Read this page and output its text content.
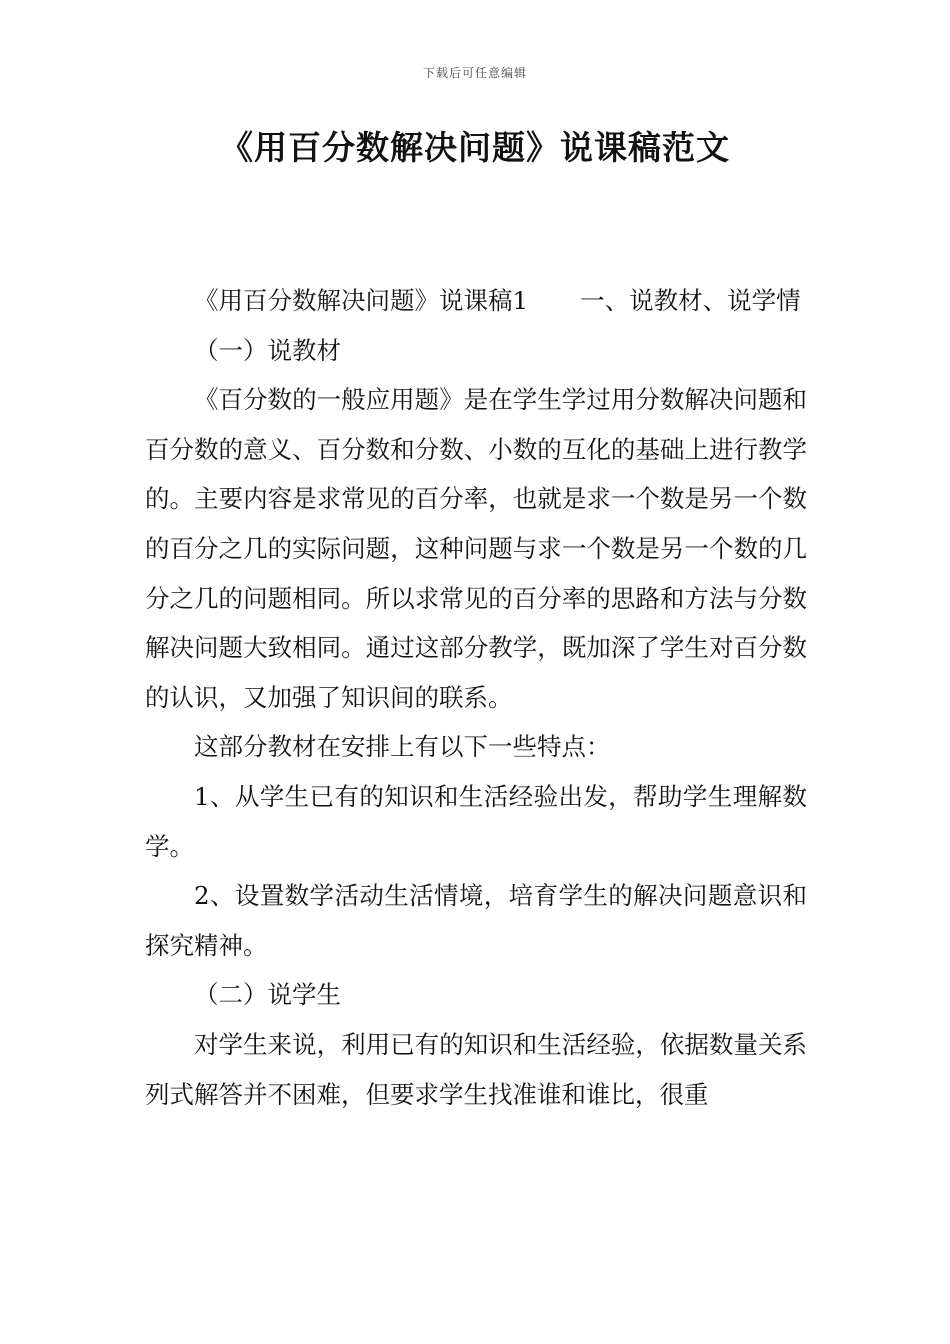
下载后可任意编辑
《用百分数解决问题》说课稿范文

《用百分数解决问题》说课稿1 一、说教材、说学情

（一）说教材

《百分数的一般应用题》是在学生学过用分数解决问题和百分数的意义、百分数和分数、小数的互化的基础上进行教学的。主要内容是求常见的百分率，也就是求一个数是另一个数的百分之几的实际问题，这种问题与求一个数是另一个数的几分之几的问题相同。所以求常见的百分率的思路和方法与分数解决问题大致相同。通过这部分教学，既加深了学生对百分数的认识，又加强了知识间的联系。

这部分教材在安排上有以下一些特点：

1、从学生已有的知识和生活经验出发，帮助学生理解数学。

2、设置数学活动生活情境，培育学生的解决问题意识和探究精神。

（二）说学生

对学生来说，利用已有的知识和生活经验，依据数量关系列式解答并不困难，但要求学生找准谁和谁比，很重
